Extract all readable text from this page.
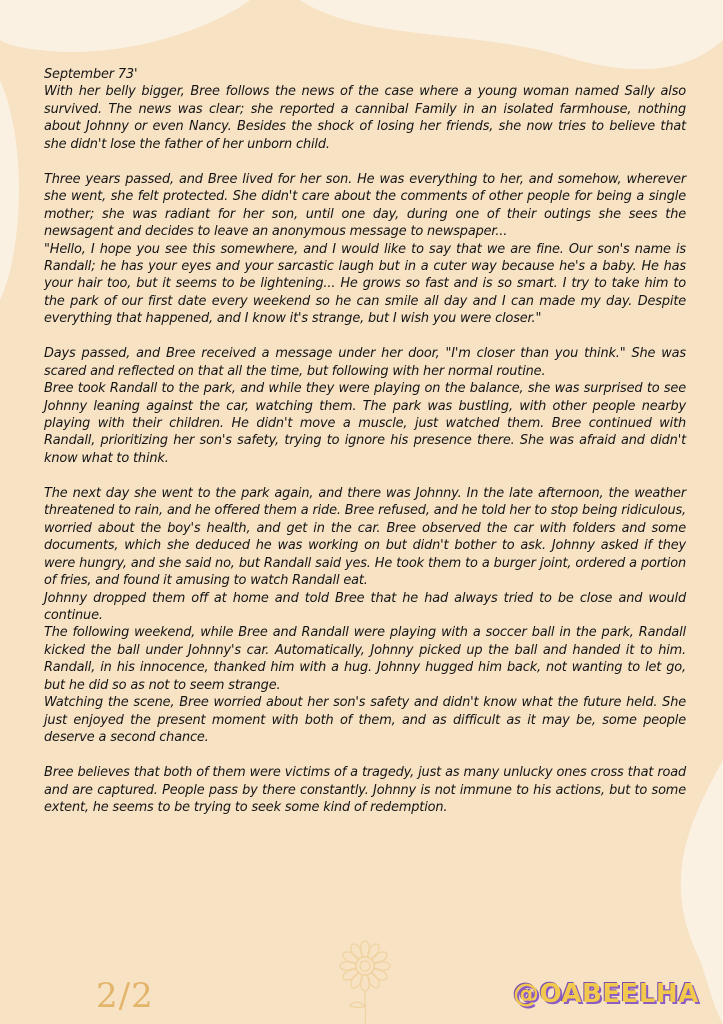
September 73'

With her belly bigger, Bree follows the news of the case where a young woman named Sally also survived. The news was clear; she reported a cannibal Family in an isolated farmhouse, nothing about Johnny or even Nancy. Besides the shock of losing her friends, she now tries to believe that she didn't lose the father of her unborn child.

Three years passed, and Bree lived for her son. He was everything to her, and somehow, wherever she went, she felt protected. She didn't care about the comments of other people for being a single mother; she was radiant for her son, until one day, during one of their outings she sees the newsagent and decides to leave an anonymous message to newspaper...

"Hello, I hope you see this somewhere, and I would like to say that we are fine. Our son's name is Randall; he has your eyes and your sarcastic laugh but in a cuter way because he's a baby. He has your hair too, but it seems to be lightening... He grows so fast and is so smart. I try to take him to the park of our first date every weekend so he can smile all day and I can made my day. Despite everything that happened, and I know it's strange, but I wish you were closer."

Days passed, and Bree received a message under her door, "I'm closer than you think." She was scared and reflected on that all the time, but following with her normal routine.

Bree took Randall to the park, and while they were playing on the balance, she was surprised to see Johnny leaning against the car, watching them. The park was bustling, with other people nearby playing with their children. He didn't move a muscle, just watched them. Bree continued with Randall, prioritizing her son's safety, trying to ignore his presence there. She was afraid and didn't know what to think.

The next day she went to the park again, and there was Johnny. In the late afternoon, the weather threatened to rain, and he offered them a ride. Bree refused, and he told her to stop being ridiculous, worried about the boy's health, and get in the car. Bree observed the car with folders and some documents, which she deduced he was working on but didn't bother to ask. Johnny asked if they were hungry, and she said no, but Randall said yes. He took them to a burger joint, ordered a portion of fries, and found it amusing to watch Randall eat.

Johnny dropped them off at home and told Bree that he had always tried to be close and would continue.

The following weekend, while Bree and Randall were playing with a soccer ball in the park, Randall kicked the ball under Johnny's car. Automatically, Johnny picked up the ball and handed it to him. Randall, in his innocence, thanked him with a hug. Johnny hugged him back, not wanting to let go, but he did so as not to seem strange.

Watching the scene, Bree worried about her son's safety and didn't know what the future held. She just enjoyed the present moment with both of them, and as difficult as it may be, some people deserve a second chance.

Bree believes that both of them were victims of a tragedy, just as many unlucky ones cross that road and are captured. People pass by there constantly. Johnny is not immune to his actions, but to some extent, he seems to be trying to seek some kind of redemption.

2/2	@OABEELHA
